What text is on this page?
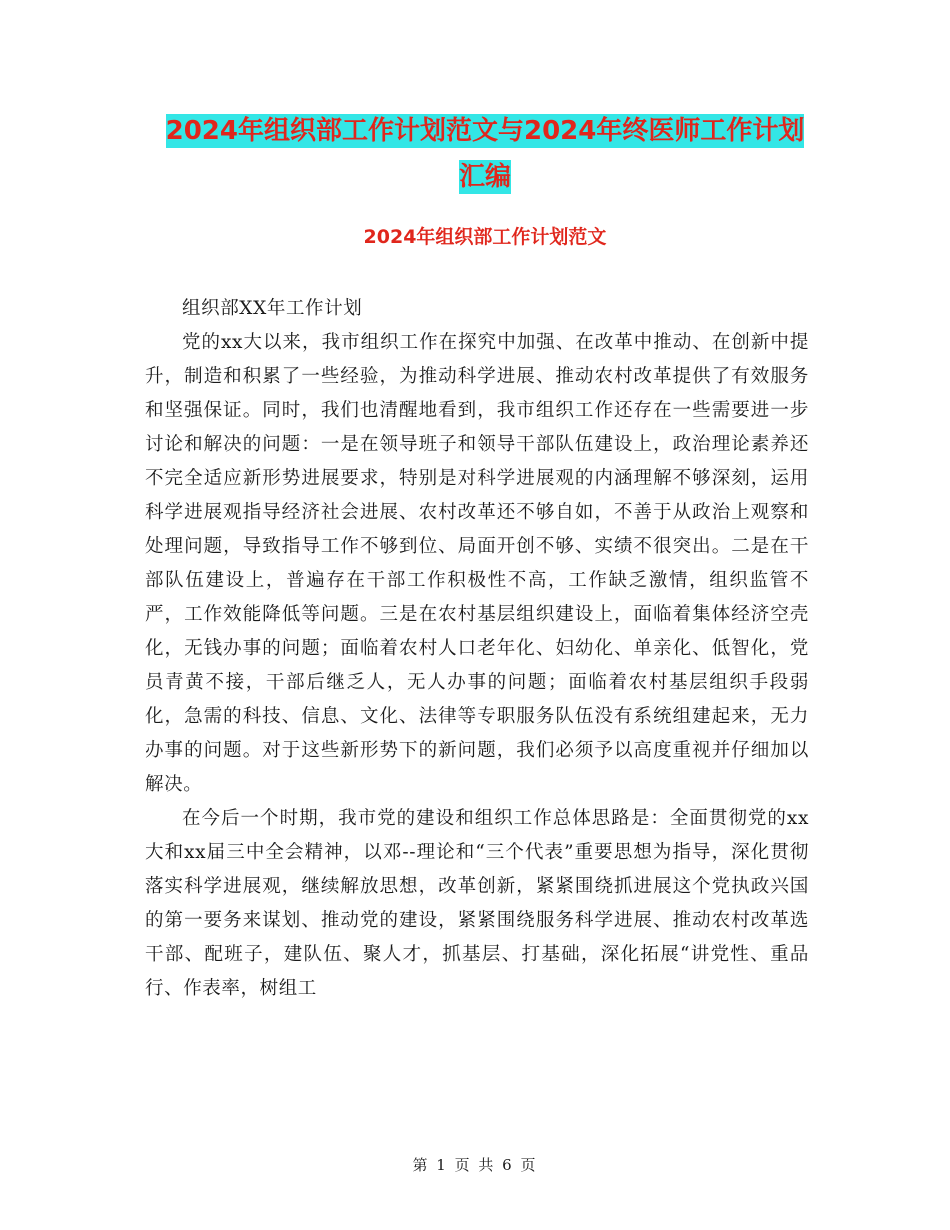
2024年组织部工作计划范文与2024年终医师工作计划
汇编
2024年组织部工作计划范文

组织部XX年工作计划

党的xx大以来，我市组织工作在探究中加强、在改革中推动、在创新中提升，制造和积累了一些经验，为推动科学进展、推动农村改革提供了有效服务和坚强保证。同时，我们也清醒地看到，我市组织工作还存在一些需要进一步讨论和解决的问题：一是在领导班子和领导干部队伍建设上，政治理论素养还不完全适应新形势进展要求，特别是对科学进展观的内涵理解不够深刻，运用科学进展观指导经济社会进展、农村改革还不够自如，不善于从政治上观察和处理问题，导致指导工作不够到位、局面开创不够、实绩不很突出。二是在干部队伍建设上，普遍存在干部工作积极性不高，工作缺乏激情，组织监管不严，工作效能降低等问题。三是在农村基层组织建设上，面临着集体经济空壳化，无钱办事的问题；面临着农村人口老年化、妇幼化、单亲化、低智化，党员青黄不接，干部后继乏人，无人办事的问题；面临着农村基层组织手段弱化，急需的科技、信息、文化、法律等专职服务队伍没有系统组建起来，无力办事的问题。对于这些新形势下的新问题，我们必须予以高度重视并仔细加以解决。

在今后一个时期，我市党的建设和组织工作总体思路是：全面贯彻党的xx大和xx届三中全会精神，以邓--理论和“三个代表”重要思想为指导，深化贯彻落实科学进展观，继续解放思想，改革创新，紧紧围绕抓进展这个党执政兴国的第一要务来谋划、推动党的建设，紧紧围绕服务科学进展、推动农村改革选干部、配班子，建队伍、聚人才，抓基层、打基础，深化拓展“讲党性、重品行、作表率，树组工

第 1 页 共 6 页
